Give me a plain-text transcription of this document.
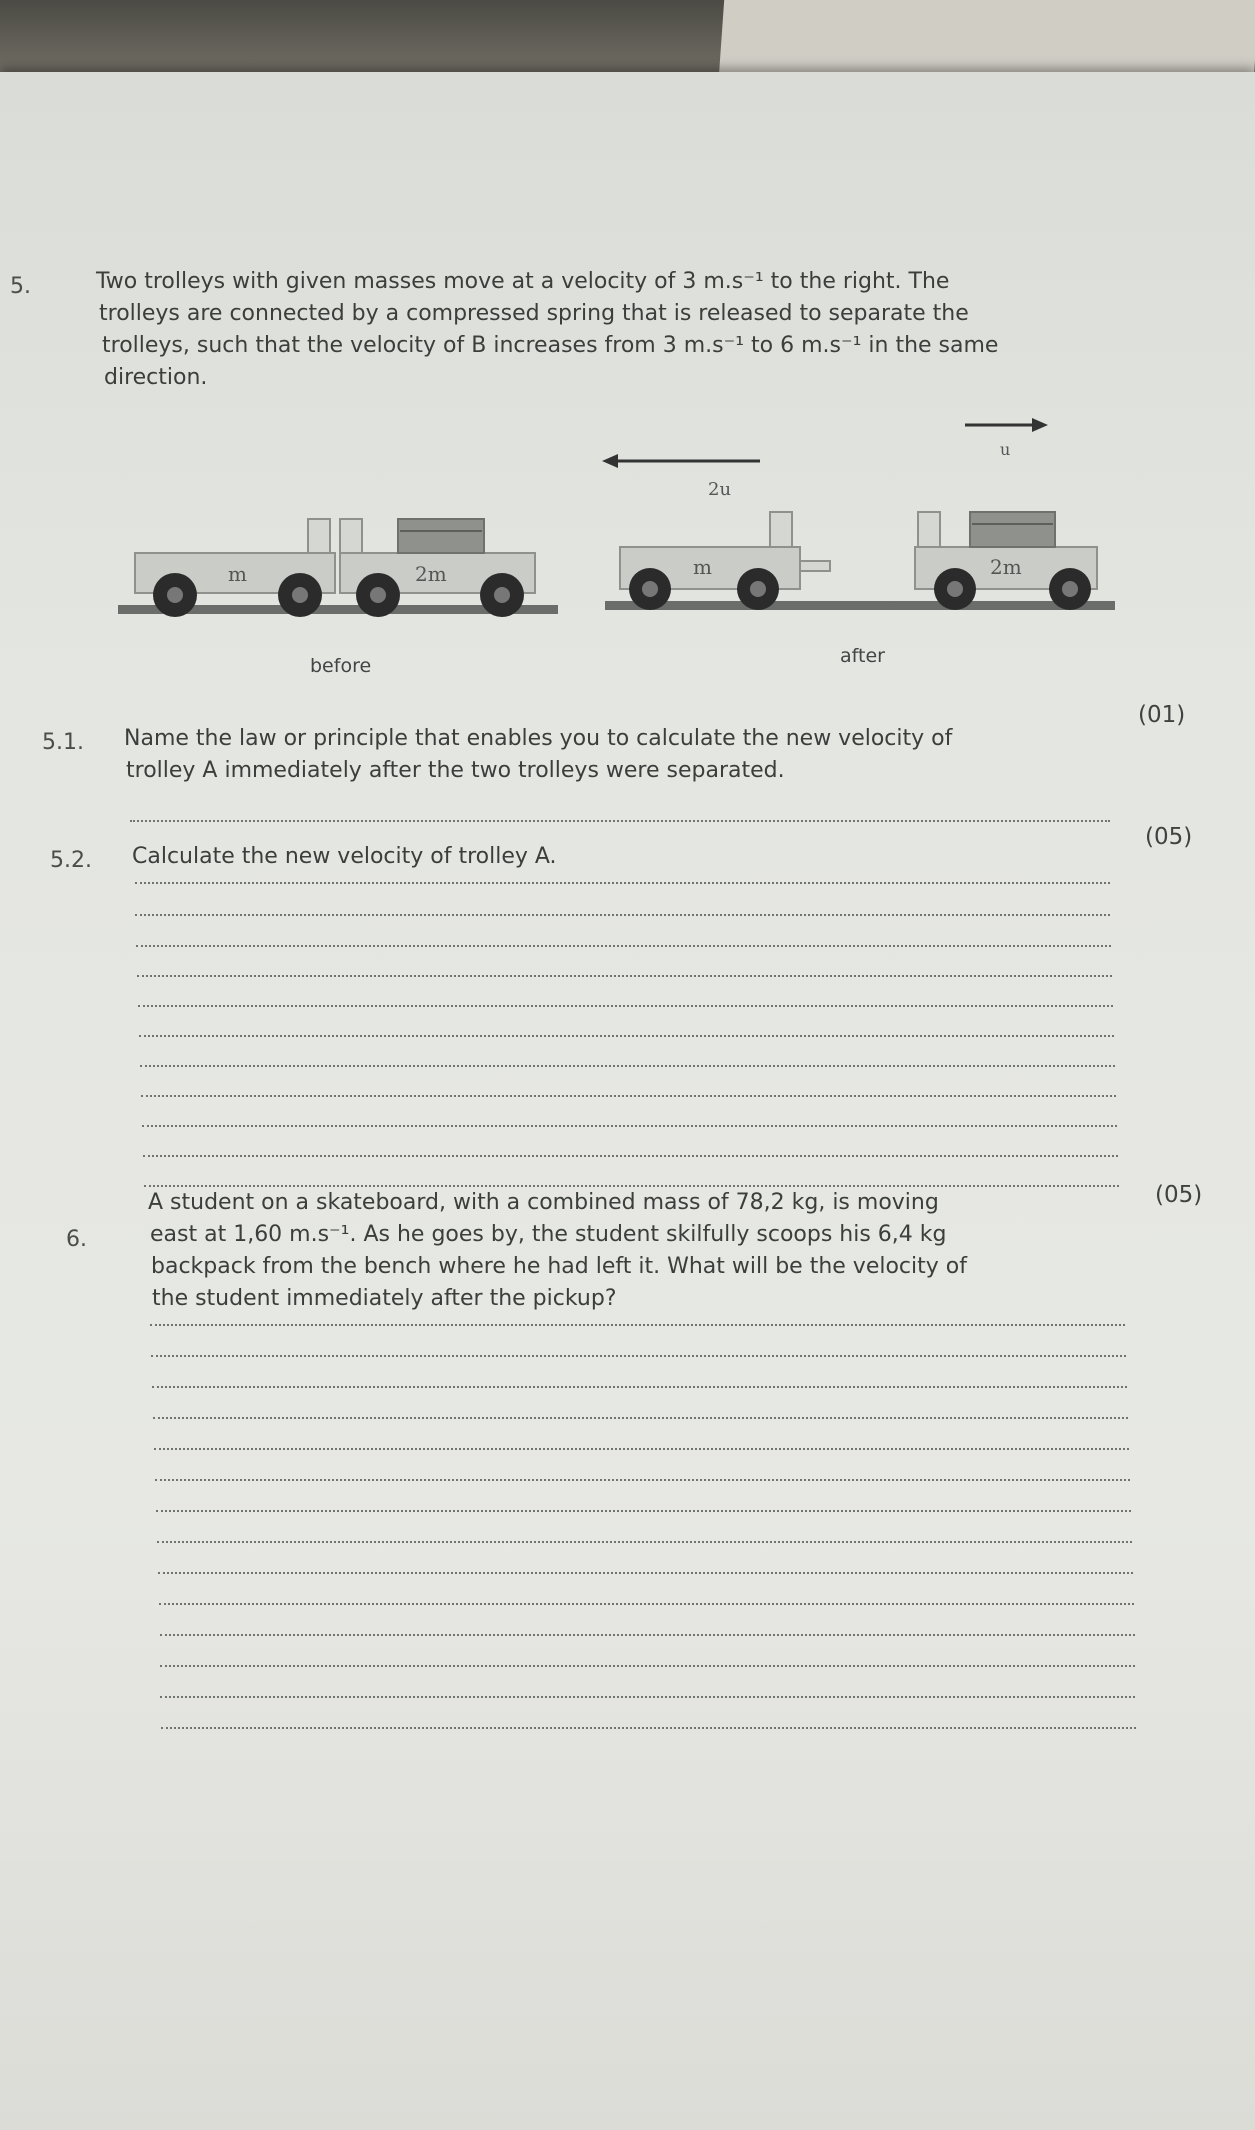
5.	Two trolleys with given masses move at a velocity of 3 m.s⁻¹ to the right. The
trolleys are connected by a compressed spring that is released to separate the
trolleys, such that the velocity of B increases from 3 m.s⁻¹ to 6 m.s⁻¹ in the same
direction.
m	2m
before
2u
u
m	2m
after
5.1. Name the law or principle that enables you to calculate the new velocity of
trolley A immediately after the two trolleys were separated.
(01)
5.2. Calculate the new velocity of trolley A.
(05)
6.
A student on a skateboard, with a combined mass of 78,2 kg, is moving
east at 1,60 m.s⁻¹. As he goes by, the student skilfully scoops his 6,4 kg
backpack from the bench where he had left it. What will be the velocity of
the student immediately after the pickup?
(05)
